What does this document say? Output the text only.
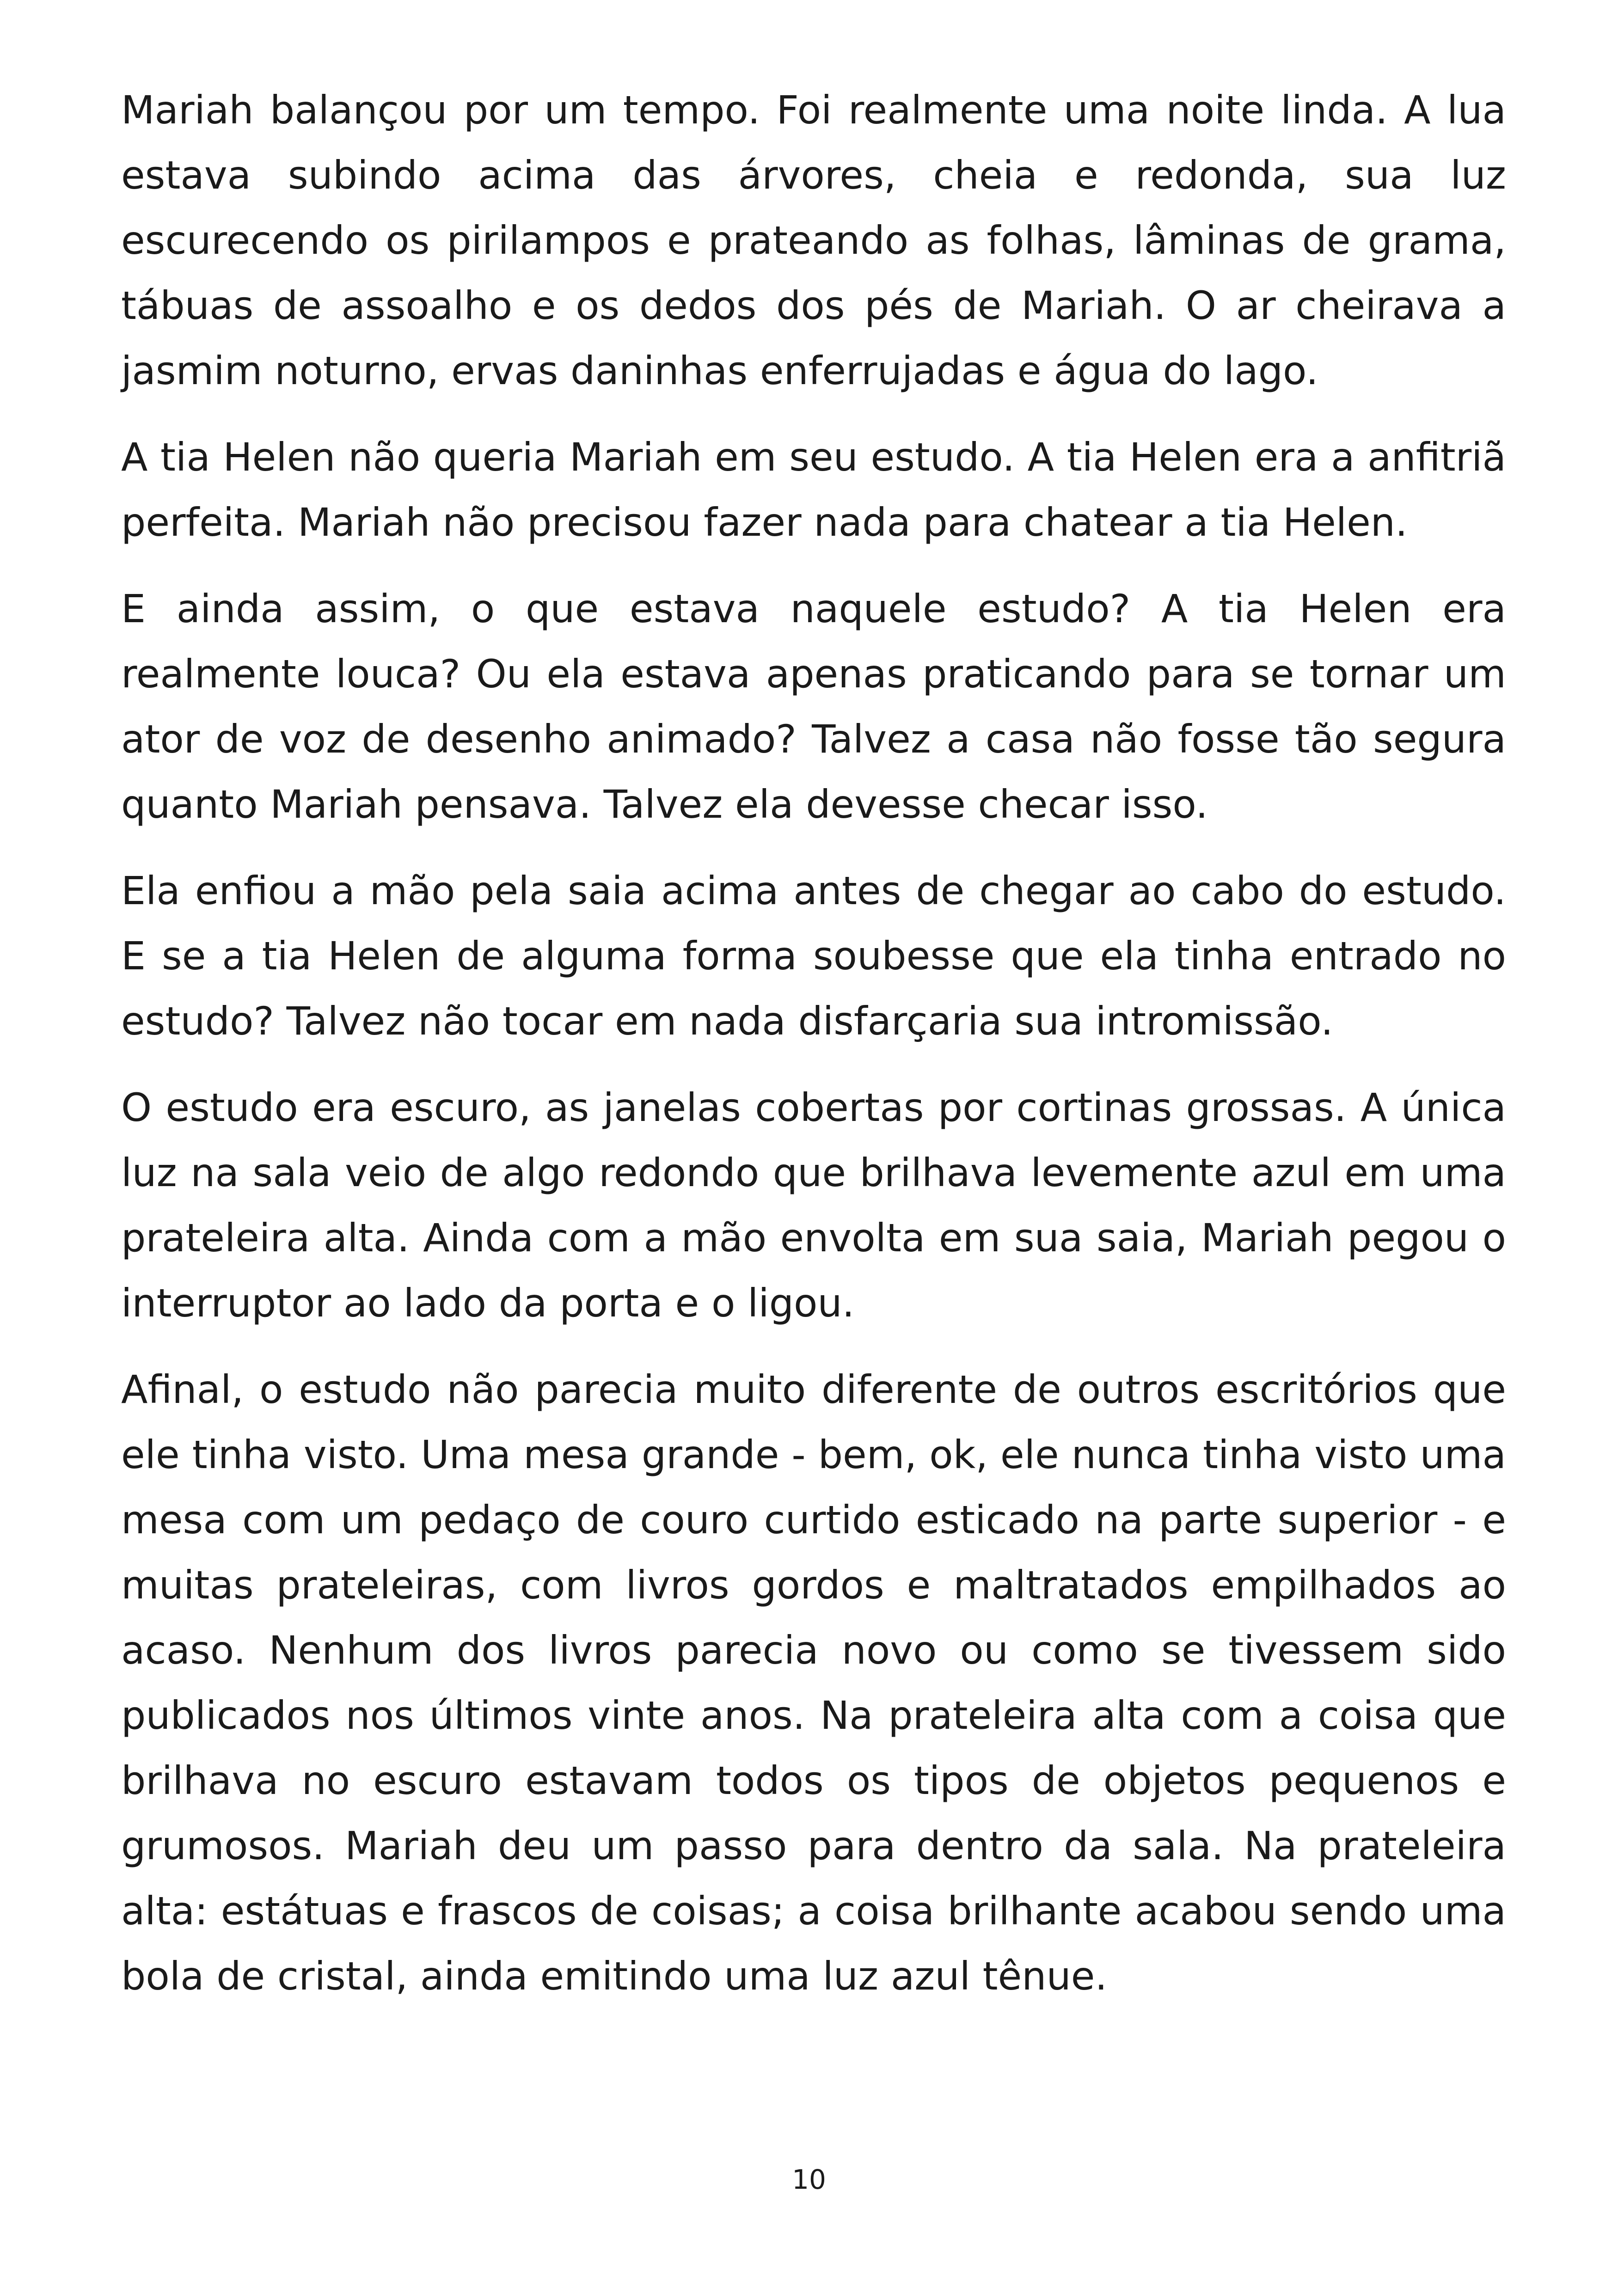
Mariah balançou por um tempo. Foi realmente uma noite linda. A lua estava subindo acima das árvores, cheia e redonda, sua luz escurecendo os pirilampos e prateando as folhas, lâminas de grama, tábuas de assoalho e os dedos dos pés de Mariah. O ar cheirava a jasmim noturno, ervas daninhas enferrujadas e água do lago.

A tia Helen não queria Mariah em seu estudo. A tia Helen era a anfitriã perfeita. Mariah não precisou fazer nada para chatear a tia Helen.

E ainda assim, o que estava naquele estudo? A tia Helen era realmente louca? Ou ela estava apenas praticando para se tornar um ator de voz de desenho animado? Talvez a casa não fosse tão segura quanto Mariah pensava. Talvez ela devesse checar isso.

Ela enfiou a mão pela saia acima antes de chegar ao cabo do estudo. E se a tia Helen de alguma forma soubesse que ela tinha entrado no estudo? Talvez não tocar em nada disfarçaria sua intromissão.

O estudo era escuro, as janelas cobertas por cortinas grossas. A única luz na sala veio de algo redondo que brilhava levemente azul em uma prateleira alta. Ainda com a mão envolta em sua saia, Mariah pegou o interruptor ao lado da porta e o ligou.

Afinal, o estudo não parecia muito diferente de outros escritórios que ele tinha visto. Uma mesa grande - bem, ok, ele nunca tinha visto uma mesa com um pedaço de couro curtido esticado na parte superior - e muitas prateleiras, com livros gordos e maltratados empilhados ao acaso. Nenhum dos livros parecia novo ou como se tivessem sido publicados nos últimos vinte anos. Na prateleira alta com a coisa que brilhava no escuro estavam todos os tipos de objetos pequenos e grumosos. Mariah deu um passo para dentro da sala. Na prateleira alta: estátuas e frascos de coisas; a coisa brilhante acabou sendo uma bola de cristal, ainda emitindo uma luz azul tênue.

10
